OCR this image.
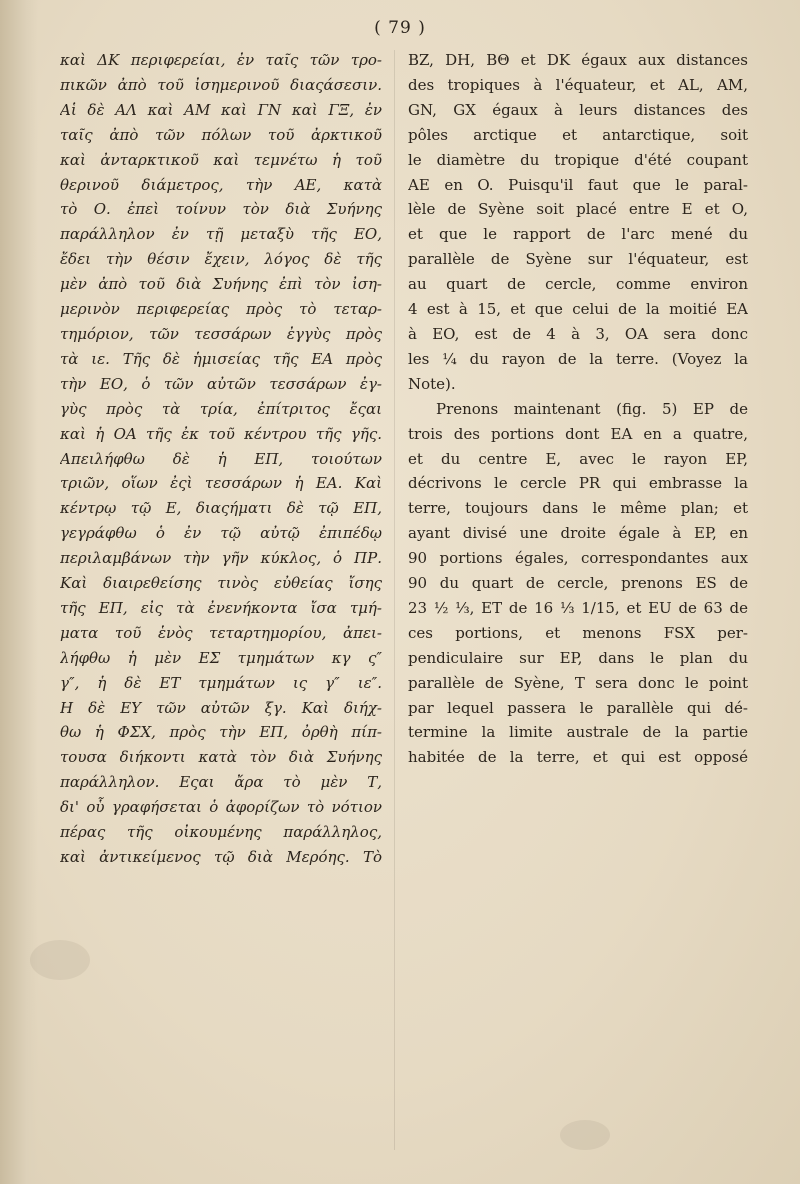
( 79 )
καὶ ΔΚ περιφερείαι, ἐν ταῖς τῶν τρο-
πικῶν ἀπὸ τοῦ ἰσημερινοῦ διαςάσεσιν.
Αἱ δὲ ΑΛ καὶ ΑΜ καὶ ΓΝ καὶ ΓΞ, ἐν
ταῖς ἀπὸ τῶν πόλων τοῦ ἀρκτικοῦ
καὶ ἀνταρκτικοῦ καὶ τεμνέτω ἡ τοῦ
θερινοῦ διάμετρος, τὴν ΑΕ, κατὰ
τὸ Ο. ἐπεὶ τοίνυν τὸν διὰ Συήνης
παράλληλον ἐν τῇ μεταξὺ τῆς ΕΟ,
ἔδει τὴν θέσιν ἔχειν, λόγος δὲ τῆς
μὲν ἀπὸ τοῦ διὰ Συήνης ἐπὶ τὸν ἰση-
μερινὸν περιφερείας πρὸς τὸ τεταρ-
τημόριον, τῶν τεσσάρων ἐγγὺς πρὸς
τὰ ιε. Τῆς δὲ ἡμισείας τῆς ΕΑ πρὸς
τὴν ΕΟ, ὁ τῶν αὐτῶν τεσσάρων ἐγ-
γὺς πρὸς τὰ τρία, ἐπίτριτος ἔςαι
καὶ ἡ ΟΑ τῆς ἐκ τοῦ κέντρου τῆς γῆς.
Απειλήφθω δὲ ἡ ΕΠ, τοιούτων
τριῶν, οἵων ἐςὶ τεσσάρων ἡ ΕΑ. Καὶ
κέντρῳ τῷ Ε, διαςήματι δὲ τῷ ΕΠ,
γεγράφθω ὁ ἐν τῷ αὐτῷ ἐπιπέδῳ
περιλαμβάνων τὴν γῆν κύκλος, ὁ ΠΡ.
Καὶ διαιρεθείσης τινὸς εὐθείας ἴσης
τῆς ΕΠ, εἰς τὰ ἐνενήκοντα ἴσα τμή-
ματα τοῦ ἑνὸς τεταρτημορίου, ἀπει-
λήφθω ἡ μὲν ΕΣ τμημάτων κγ ς″
γ″, ἡ δὲ ΕΤ τμημάτων ις γ″ ιε″.
Η δὲ ΕΥ τῶν αὐτῶν ξγ. Καὶ διήχ-
θω ἡ ΦΣΧ, πρὸς τὴν ΕΠ, ὀρθὴ πίπ-
τουσα διήκοντι κατὰ τὸν διὰ Συήνης
παράλληλον. Εςαι ἄρα τὸ μὲν Τ,
δι' οὗ γραφήσεται ὁ ἀφορίζων τὸ νότιον
πέρας τῆς οἰκουμένης παράλληλος,
καὶ ἀντικείμενος τῷ διὰ Μερόης. Τὸ
BZ, DH, BΘ et DK égaux aux distances
des tropiques à l'équateur, et AL, AM,
GN, GX égaux à leurs distances des
pôles arctique et antarctique, soit
le diamètre du tropique d'été coupant
AE en O. Puisqu'il faut que le paral-
lèle de Syène soit placé entre E et O,
et que le rapport de l'arc mené du
parallèle de Syène sur l'équateur, est
au quart de cercle, comme environ
4 est à 15, et que celui de la moitié EA
à EO, est de 4 à 3, OA sera donc
les ¼ du rayon de la terre. (Voyez la
Note).
Prenons maintenant (fig. 5) EP de
trois des portions dont EA en a quatre,
et du centre E, avec le rayon EP,
décrivons le cercle PR qui embrasse la
terre, toujours dans le même plan; et
ayant divisé une droite égale à EP, en
90 portions égales, correspondantes aux
90 du quart de cercle, prenons ES de
23 ½ ⅓, ET de 16 ⅓ 1/15, et EU de 63 de
ces portions, et menons FSX per-
pendiculaire sur EP, dans le plan du
parallèle de Syène, T sera donc le point
par lequel passera le parallèle qui dé-
termine la limite australe de la partie
habitée de la terre, et qui est opposé
